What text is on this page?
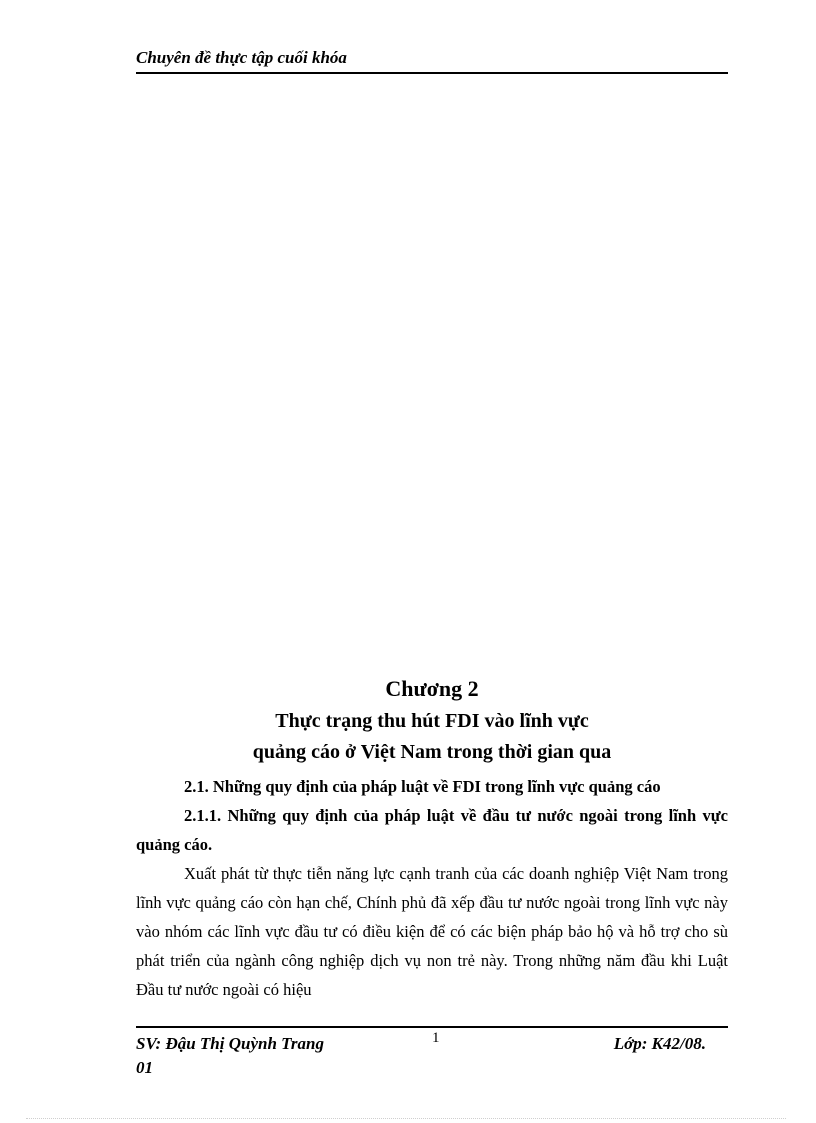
Chuyên đề thực tập cuối khóa
Chương 2
Thực trạng thu hút FDI vào lĩnh vực
quảng cáo ở Việt Nam trong thời gian qua

2.1. Những quy định của pháp luật về FDI trong lĩnh vực quảng cáo

2.1.1. Những quy định của pháp luật về đầu tư nước ngoài trong lĩnh vực quảng cáo.

Xuất phát từ thực tiễn năng lực cạnh tranh của các doanh nghiệp Việt Nam trong lĩnh vực quảng cáo còn hạn chế, Chính phủ đã xếp đầu tư nước ngoài trong lĩnh vực này vào nhóm các lĩnh vực đầu tư có điều kiện để có các biện pháp bảo hộ và hỗ trợ cho sù phát triển của ngành công nghiệp dịch vụ non trẻ này. Trong những năm đầu khi Luật Đầu tư nước ngoài có hiệu

SV: Đậu Thị Quỳnh Trang	1	Lớp: K42/08.
01
